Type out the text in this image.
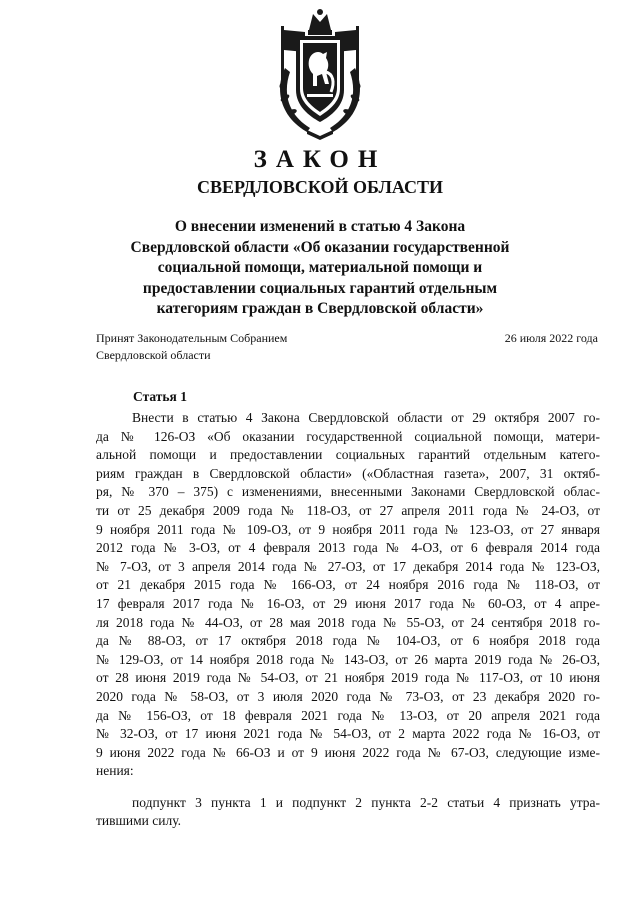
ЗАКОН
СВЕРДЛОВСКОЙ ОБЛАСТИ
О внесении изменений в статью 4 Закона
Свердловской области «Об оказании государственной
социальной помощи, материальной помощи и
предоставлении социальных гарантий отдельным
категориям граждан в Свердловской области»
Принят Законодательным Собранием
Свердловской области
26 июля 2022 года
Статья 1
Внести в статью 4 Закона Свердловской области от 29 октября 2007 го-
да № 126-ОЗ «Об оказании государственной социальной помощи, матери-
альной помощи и предоставлении социальных гарантий отдельным катего-
риям граждан в Свердловской области» («Областная газета», 2007, 31 октяб-
ря, № 370 – 375) с изменениями, внесенными Законами Свердловской облас-
ти от 25 декабря 2009 года № 118-ОЗ, от 27 апреля 2011 года № 24-ОЗ, от
9 ноября 2011 года № 109-ОЗ, от 9 ноября 2011 года № 123-ОЗ, от 27 января
2012 года № 3-ОЗ, от 4 февраля 2013 года № 4-ОЗ, от 6 февраля 2014 года
№ 7-ОЗ, от 3 апреля 2014 года № 27-ОЗ, от 17 декабря 2014 года № 123-ОЗ,
от 21 декабря 2015 года № 166-ОЗ, от 24 ноября 2016 года № 118-ОЗ, от
17 февраля 2017 года № 16-ОЗ, от 29 июня 2017 года № 60-ОЗ, от 4 апре-
ля 2018 года № 44-ОЗ, от 28 мая 2018 года № 55-ОЗ, от 24 сентября 2018 го-
да № 88-ОЗ, от 17 октября 2018 года № 104-ОЗ, от 6 ноября 2018 года
№ 129-ОЗ, от 14 ноября 2018 года № 143-ОЗ, от 26 марта 2019 года № 26-ОЗ,
от 28 июня 2019 года № 54-ОЗ, от 21 ноября 2019 года № 117-ОЗ, от 10 июня
2020 года № 58-ОЗ, от 3 июля 2020 года № 73-ОЗ, от 23 декабря 2020 го-
да № 156-ОЗ, от 18 февраля 2021 года № 13-ОЗ, от 20 апреля 2021 года
№ 32-ОЗ, от 17 июня 2021 года № 54-ОЗ, от 2 марта 2022 года № 16-ОЗ, от
9 июня 2022 года № 66-ОЗ и от 9 июня 2022 года № 67-ОЗ, следующие изме-
нения:
подпункт 3 пункта 1 и подпункт 2 пункта 2-2 статьи 4 признать утра-
тившими силу.
